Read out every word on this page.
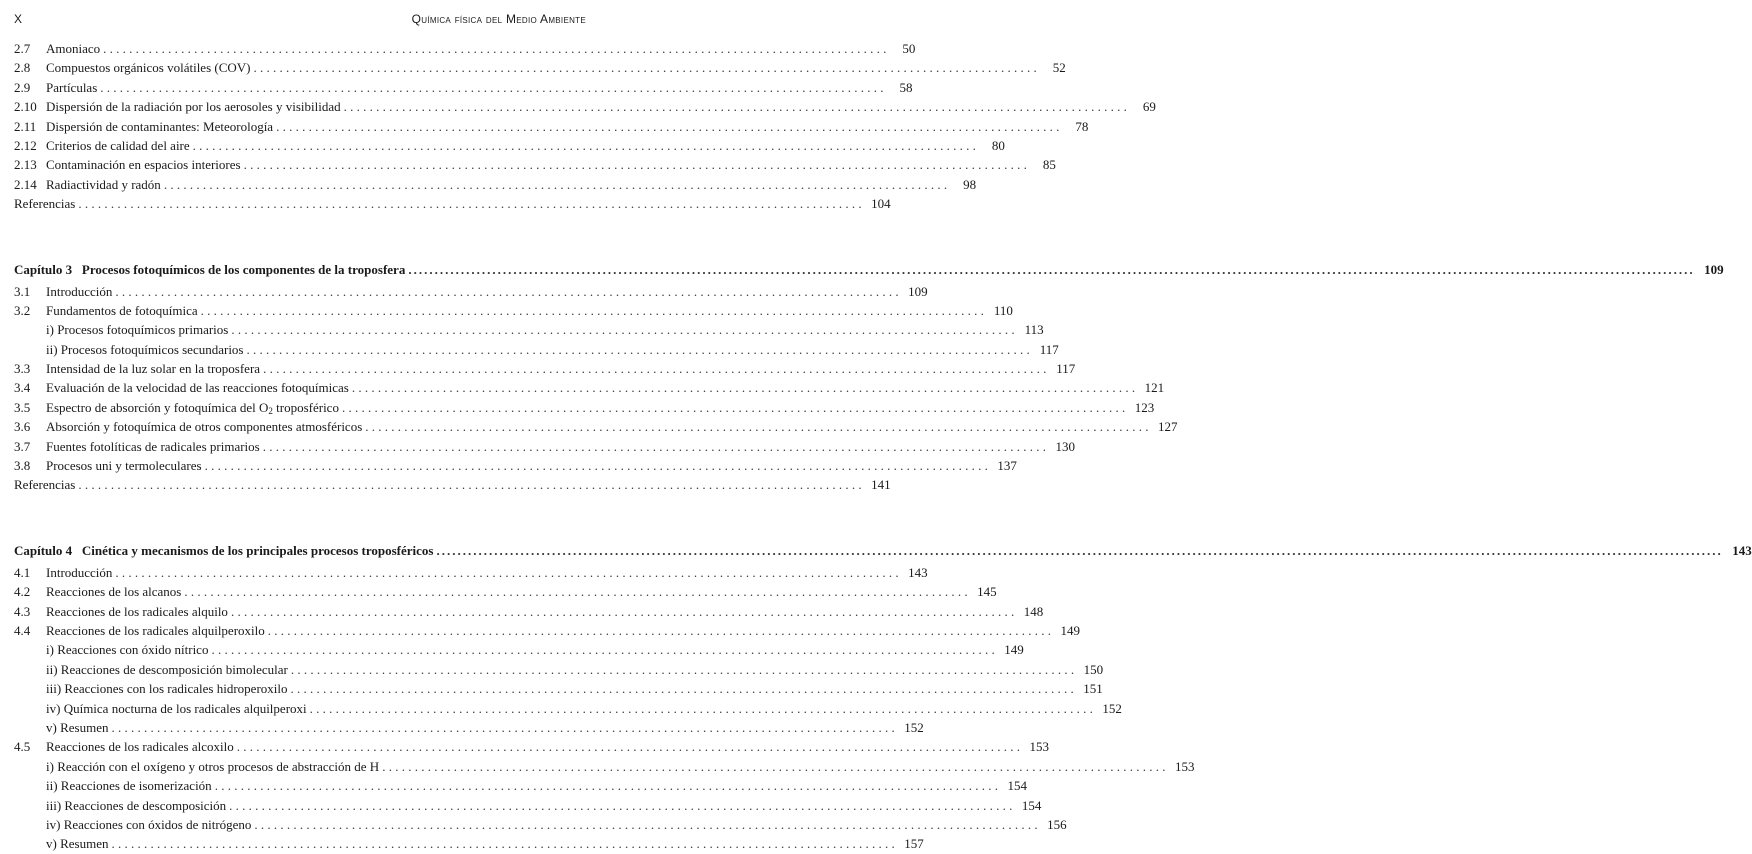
X	Química física del Medio Ambiente
2.7	Amoniaco . . .	50
2.8	Compuestos orgánicos volátiles (COV) . . .	52
2.9	Partículas . . .	58
2.10 Dispersión de la radiación por los aerosoles y visibilidad . . .	69
2.11 Dispersión de contaminantes: Meteorología . . .	78
2.12 Criterios de calidad del aire . . .	80
2.13 Contaminación en espacios interiores . . .	85
2.14 Radiactividad y radón . . .	98
Referencias . . .	104
Capítulo 3 Procesos fotoquímicos de los componentes de la troposfera .....	109
3.1	Introducción . . .	109
3.2	Fundamentos de fotoquímica . . .	110
i) Procesos fotoquímicos primarios . . .	113
ii) Procesos fotoquímicos secundarios . . .	117
3.3	Intensidad de la luz solar en la troposfera . . .	117
3.4	Evaluación de la velocidad de las reacciones fotoquímicas . . .	121
3.5	Espectro de absorción y fotoquímica del $O_2$ troposférico . . .	123
3.6	Absorción y fotoquímica de otros componentes atmosféricos . . .	127
3.7	Fuentes fotolíticas de radicales primarios . . .	130
3.8	Procesos uni y termoleculares . . .	137
Referencias . . .	141
Capítulo 4 Cinética y mecanismos de los principales procesos troposféricos .....	143
4.1	Introducción . . .	143
4.2	Reacciones de los alcanos . . .	145
4.3	Reacciones de los radicales alquilo . . .	148
4.4	Reacciones de los radicales alquilperoxilo . . .	149
i) Reacciones con óxido nítrico . . .	149
ii) Reacciones de descomposición bimolecular . . .	150
iii) Reacciones con los radicales hidroperoxilo . . .	151
iv) Química nocturna de los radicales alquilperoxi . . .	152
v) Resumen . . .	152
4.5	Reacciones de los radicales alcoxilo . . .	153
i) Reacción con el oxígeno y otros procesos de abstracción de H . . .	153
ii) Reacciones de isomerización . . .	154
iii) Reacciones de descomposición . . .	154
iv) Reacciones con óxidos de nitrógeno . . .	156
v) Resumen . . .	157
